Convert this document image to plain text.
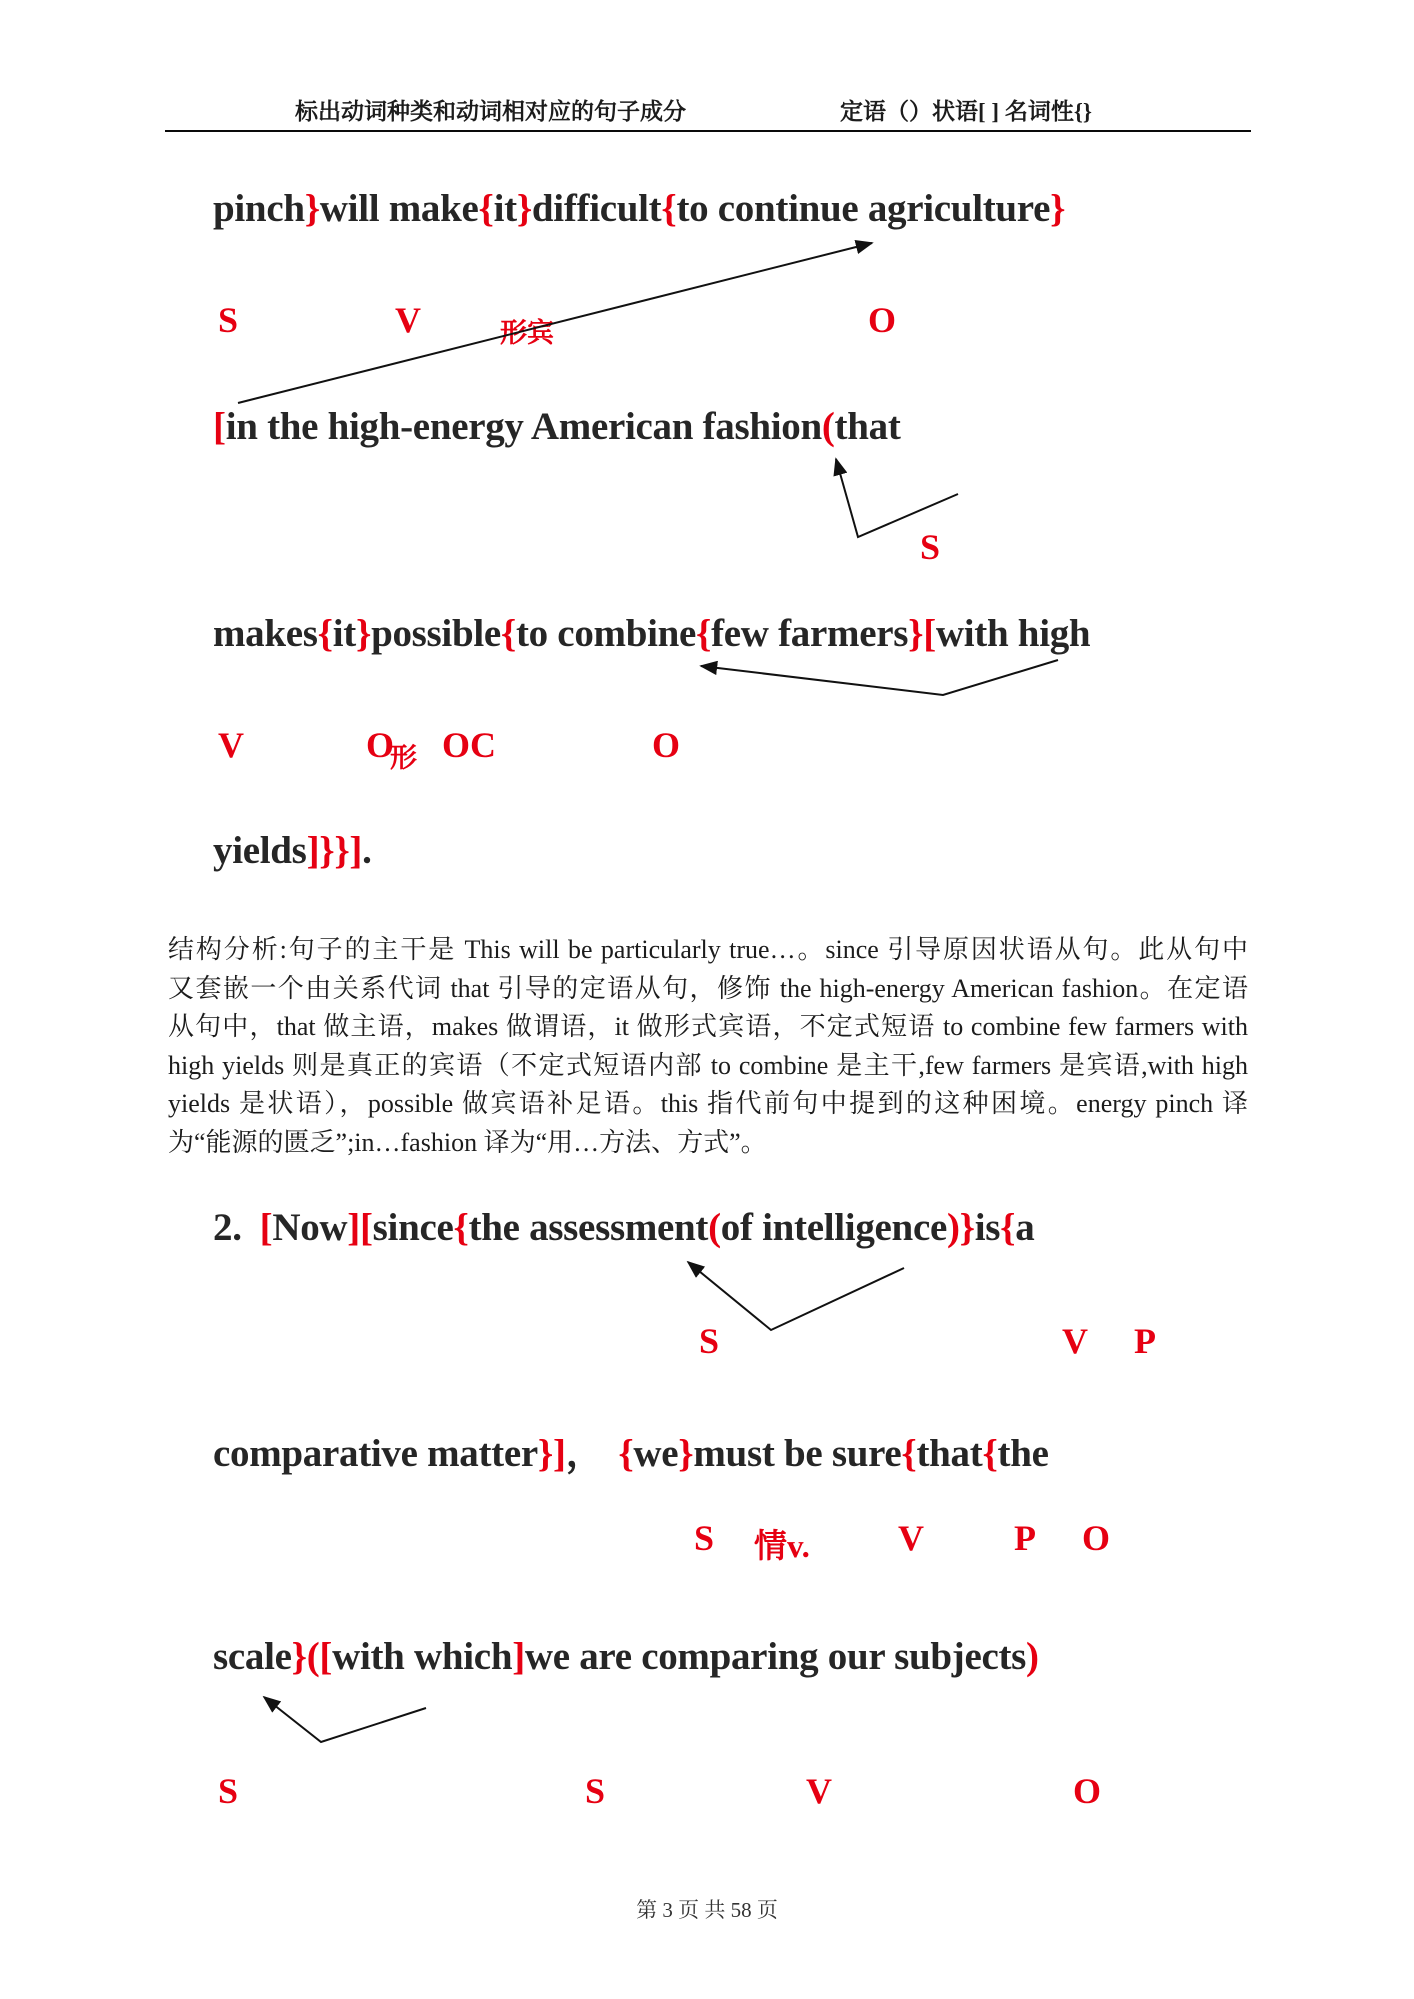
标出动词种类和动词相对应的句子成分	定语（）状语[ ] 名词性{}
pinch}will make{it}difficult{to continue agriculture}
S	V	形宾	O
[in the high-energy American fashion(that
S
makes{it}possible{to combine{few farmers}[with high
V	形
O OC	O
yields]}}].
结构分析:句子的主干是 This will be particularly true…。since 引导原因状语从句。此从句中
又套嵌一个由关系代词 that 引导的定语从句，修饰 the high-energy American fashion。在定语
从句中，that 做主语，makes 做谓语，it 做形式宾语，不定式短语 to combine few farmers with
high yields 则是真正的宾语（不定式短语内部 to combine 是主干,few farmers 是宾语,with high
yields 是状语），possible 做宾语补足语。this 指代前句中提到的这种困境。energy pinch 译
为“能源的匮乏”;in…fashion 译为“用…方法、方式”。
2. [Now][since{the assessment(of intelligence)}is{a
S	V P
comparative matter}]， {we}must be sure{that{the
S 情v. V	P O
scale}([with which]we are comparing our subjects)
S	S	V	O
第 3 页 共 58 页
